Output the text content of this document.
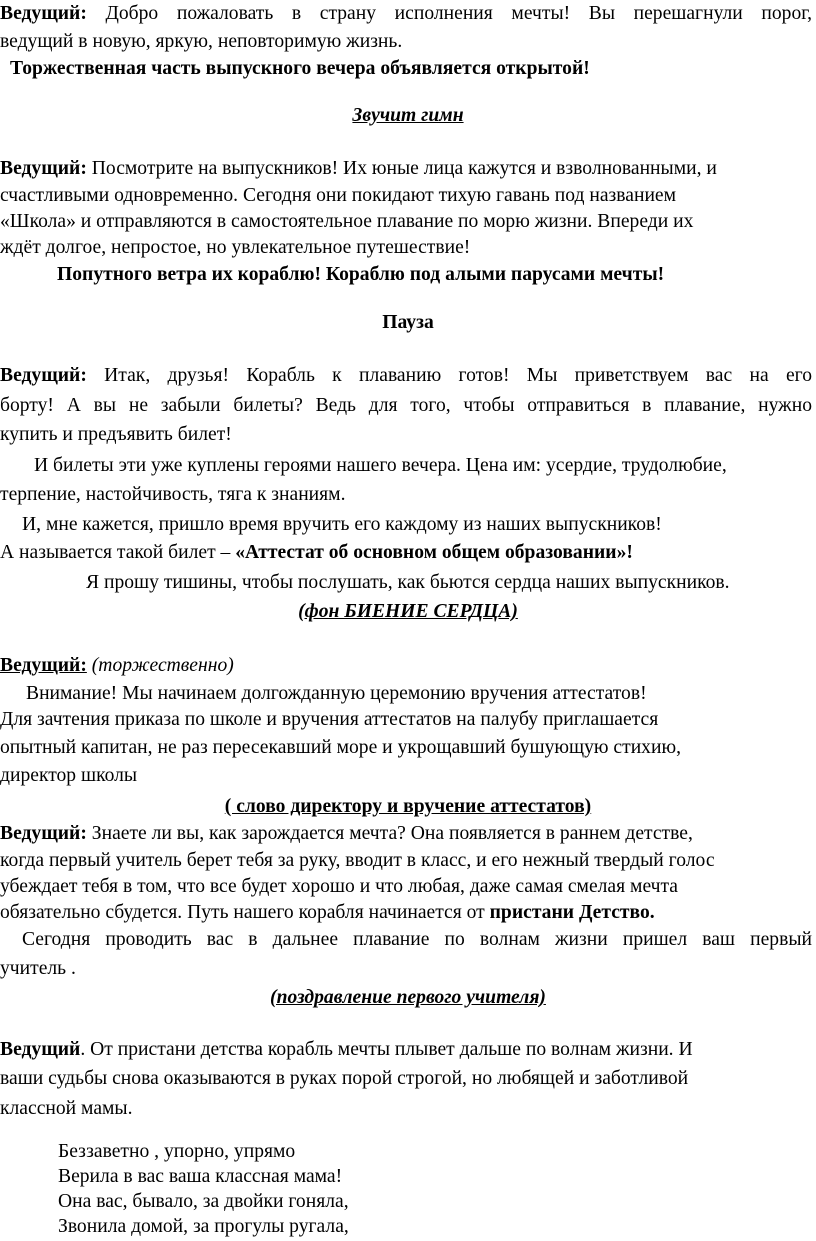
Ведущий: Добро пожаловать в страну исполнения мечты! Вы перешагнули порог,
ведущий в новую, яркую, неповторимую жизнь.
Торжественная часть выпускного вечера объявляется открытой!
Звучит гимн
Ведущий: Посмотрите на выпускников! Их юные лица кажутся и взволнованными, и
счастливыми одновременно. Сегодня они покидают тихую гавань под названием
«Школа» и отправляются в самостоятельное плавание по морю жизни. Впереди их
ждёт долгое, непростое, но увлекательное путешествие!
Попутного ветра их кораблю! Кораблю под алыми парусами мечты!
Пауза
Ведущий: Итак, друзья! Корабль к плаванию готов! Мы приветствуем вас на его
борту! А вы не забыли билеты? Ведь для того, чтобы отправиться в плавание, нужно
купить и предъявить билет!
И билеты эти уже куплены героями нашего вечера. Цена им: усердие, трудолюбие,
терпение, настойчивость, тяга к знаниям.
И, мне кажется, пришло время вручить его каждому из наших выпускников!
А называется такой билет – «Аттестат об основном общем образовании»!
Я прошу тишины, чтобы послушать, как бьются сердца наших выпускников.
(фон БИЕНИЕ СЕРДЦА)
Ведущий: (торжественно)
Внимание! Мы начинаем долгожданную церемонию вручения аттестатов!
Для зачтения приказа по школе и вручения аттестатов на палубу приглашается
опытный капитан, не раз пересекавший море и укрощавший бушующую стихию,
директор школы
( слово директору и вручение аттестатов)
Ведущий: Знаете ли вы, как зарождается мечта? Она появляется в раннем детстве,
когда первый учитель берет тебя за руку, вводит в класс, и его нежный твердый голос
убеждает тебя в том, что все будет хорошо и что любая, даже самая смелая мечта
обязательно сбудется. Путь нашего корабля начинается от пристани Детство.
Сегодня проводить вас в дальнее плавание по волнам жизни пришел ваш первый
учитель .
(поздравление первого учителя)
Ведущий. От пристани детства корабль мечты плывет дальше по волнам жизни. И
ваши судьбы снова оказываются в руках порой строгой, но любящей и заботливой
классной мамы.
Беззаветно , упорно, упрямо
Верила в вас ваша классная мама!
Она вас, бывало, за двойки гоняла,
Звонила домой, за прогулы ругала,
